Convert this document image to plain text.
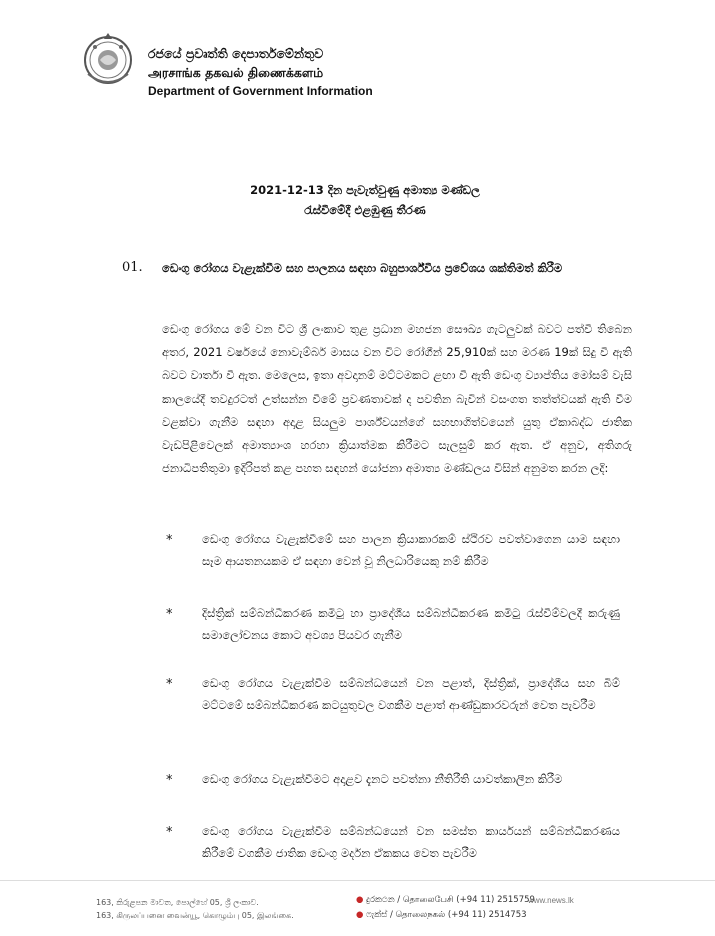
රජයේ ප්‍රවෘත්ති දෙපාර්තමේන්තුව
அரசாங்க தகவல் திணைக்களம்
Department of Government Information
2021-12-13 දින පැවැත්වුණු අමාත්‍ය මණ්ඩල
රැස්වීමේදී එළඹුණු තීරණ
01. ඩෙංගු රෝගය වැළැක්වීම සහ පාලනය සඳහා බහුපාර්ශ්වීය ප්‍රවේශය ශක්තිමත් කිරීම

ඩෙංගු රෝගය මේ වන විට ශ්‍රී ලංකාව තුළ ප්‍රධාන මහජන සෞඛ්‍ය ගැටලුවක් බවට පත්වී තිබෙන අතර, 2021 වර්ෂයේ නොවැම්බර් මාසය වන විට රෝගීන් 25,910ක් සහ මරණ 19ක් සිදු වී ඇති බවට වාර්තා වී ඇත. මෙලෙස, ඉතා අවදානම් මට්ටමකට ළඟා වී ඇති ඩෙංගු ව්‍යාප්තිය මෝසම් වැසි කාලයේදී තවදුරටත් උත්සන්න වීමේ ප්‍රවණතාවක් ද පවතින බැවින් වසංගත තත්ත්වයක් ඇති වීම වළක්වා ගැනීම සඳහා අදාළ සියලුම පාර්ශ්වයන්ගේ සහභාගිත්වයෙන් යුතු ඒකාබද්ධ ජාතික වැඩපිළිවෙලක් අමාත්‍යාංශ හරහා ක්‍රියාත්මක කිරීමට සැලසුම් කර ඇත. ඒ අනුව, අතිගරු ජනාධිපතිතුමා ඉදිරිපත් කළ පහත සඳහන් යෝජනා අමාත්‍ය මණ්ඩලය විසින් අනුමත කරන ලදි:

*	ඩෙංගු රෝගය වැළැක්වීමේ සහ පාලන ක්‍රියාකාරකම් ස්ථිරව පවත්වාගෙන යාම සඳහා සෑම ආයතනයකම ඒ සඳහා වෙන් වූ නිලධාරියෙකු නම් කිරීම
*	දිස්ත්‍රික් සම්බන්ධීකරණ කමිටු හා ප්‍රාදේශීය සම්බන්ධීකරණ කමිටු රැස්වීම්වලදී කරුණු සමාලෝචනය කොට අවශ්‍ය පියවර ගැනීම
*	ඩෙංගු රෝගය වැළැක්වීම සම්බන්ධයෙන් වන පළාත්, දිස්ත්‍රික්, ප්‍රාදේශීය සහ බිම් මට්ටමේ සම්බන්ධීකරණ කටයුතුවල වගකීම පළාත් ආණ්ඩුකාරවරුන් වෙත පැවරීම
*	ඩෙංගු රෝගය වැළැක්වීමට අදාළව දැනට පවත්නා නීතිරීති යාවත්කාලීන කිරීම
*	ඩෙංගු රෝගය වැළැක්වීම සම්බන්ධයෙන් වන සමස්ත කාර්යයන් සම්බන්ධීකරණය කිරීමේ වගකීම ජාතික ඩෙංගු මර්දන ඒකකය වෙත පැවරීම
163, කිරුළපන මාවත, පොල්හේ 05, ශ්‍රී ලංකාව.
163, கிருலப்பனை வைன்யூ, கொழும்பு 05, இலங்கை.
● දුරකථන / தொலைபேசி (+94 11) 2515759
● ෆැක්ස් / தொலைநகல் (+94 11) 2514753
www.news.lk
